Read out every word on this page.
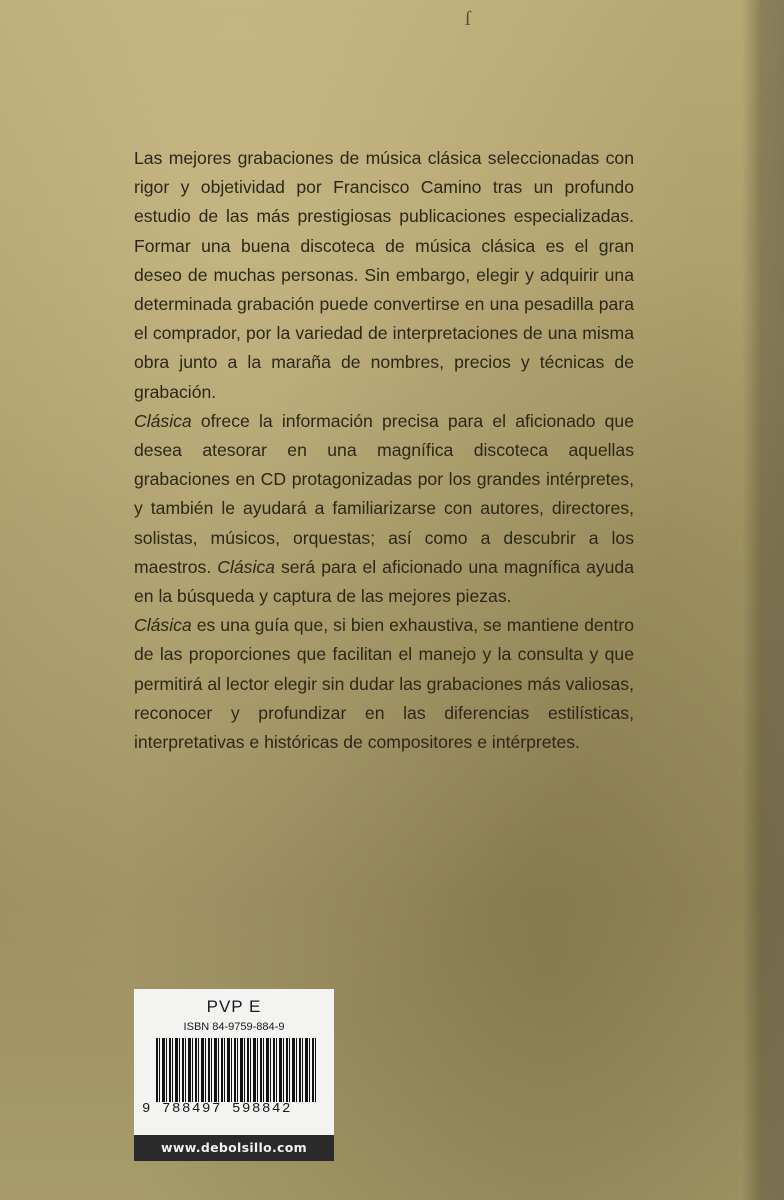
ſ

Las mejores grabaciones de música clásica seleccionadas con rigor y objetividad por Francisco Camino tras un profundo estudio de las más prestigiosas publicaciones especializadas. Formar una buena discoteca de música clásica es el gran deseo de muchas personas. Sin embargo, elegir y adquirir una determinada grabación puede convertirse en una pesadilla para el comprador, por la variedad de interpretaciones de una misma obra junto a la maraña de nombres, precios y técnicas de grabación.

Clásica ofrece la información precisa para el aficionado que desea atesorar en una magnífica discoteca aquellas grabaciones en CD protagonizadas por los grandes intérpretes, y también le ayudará a familiarizarse con autores, directores, solistas, músicos, orquestas; así como a descubrir a los maestros. Clásica será para el aficionado una magnífica ayuda en la búsqueda y captura de las mejores piezas.

Clásica es una guía que, si bien exhaustiva, se mantiene dentro de las proporciones que facilitan el manejo y la consulta y que permitirá al lector elegir sin dudar las grabaciones más valiosas, reconocer y profundizar en las diferencias estilísticas, interpretativas e históricas de compositores e intérpretes.

PVP E
ISBN 84-9759-884-9
9 788497 598842
www.debolsillo.com
